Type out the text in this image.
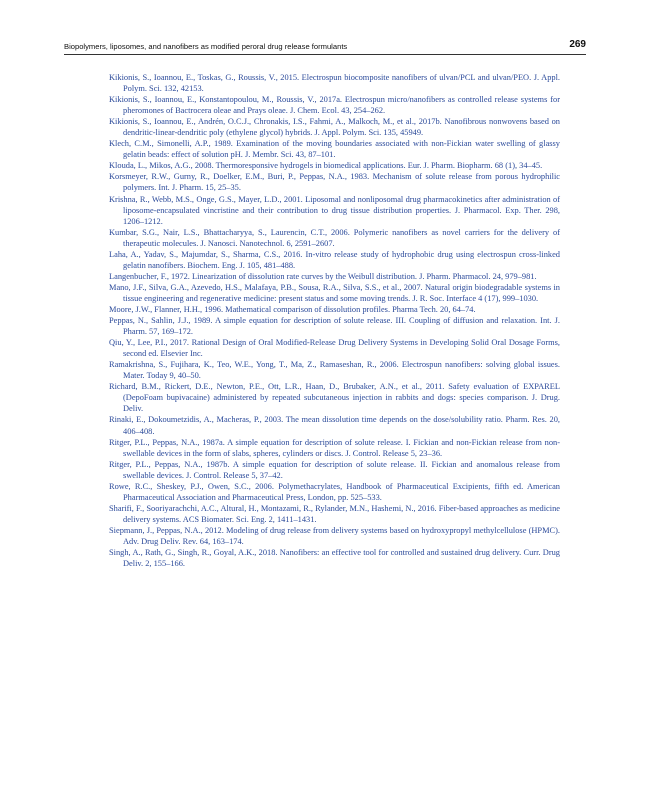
Biopolymers, liposomes, and nanofibers as modified peroral drug release formulants	269

Kikionis, S., Ioannou, E., Toskas, G., Roussis, V., 2015. Electrospun biocomposite nanofibers of ulvan/PCL and ulvan/PEO. J. Appl. Polym. Sci. 132, 42153.

Kikionis, S., Ioannou, E., Konstantopoulou, M., Roussis, V., 2017a. Electrospun micro/nanofibers as controlled release systems for pheromones of Bactrocera oleae and Prays oleae. J. Chem. Ecol. 43, 254–262.

Kikionis, S., Ioannou, E., Andrén, O.C.J., Chronakis, I.S., Fahmi, A., Malkoch, M., et al., 2017b. Nanofibrous nonwovens based on dendritic-linear-dendritic poly (ethylene glycol) hybrids. J. Appl. Polym. Sci. 135, 45949.

Klech, C.M., Simonelli, A.P., 1989. Examination of the moving boundaries associated with non-Fickian water swelling of glassy gelatin beads: effect of solution pH. J. Membr. Sci. 43, 87–101.

Klouda, L., Mikos, A.G., 2008. Thermoresponsive hydrogels in biomedical applications. Eur. J. Pharm. Biopharm. 68 (1), 34–45.

Korsmeyer, R.W., Gurny, R., Doelker, E.M., Buri, P., Peppas, N.A., 1983. Mechanism of solute release from porous hydrophilic polymers. Int. J. Pharm. 15, 25–35.

Krishna, R., Webb, M.S., Onge, G.S., Mayer, L.D., 2001. Liposomal and nonliposomal drug pharmacokinetics after administration of liposome-encapsulated vincristine and their contribution to drug tissue distribution properties. J. Pharmacol. Exp. Ther. 298, 1206–1212.

Kumbar, S.G., Nair, L.S., Bhattacharyya, S., Laurencin, C.T., 2006. Polymeric nanofibers as novel carriers for the delivery of therapeutic molecules. J. Nanosci. Nanotechnol. 6, 2591–2607.

Laha, A., Yadav, S., Majumdar, S., Sharma, C.S., 2016. In-vitro release study of hydrophobic drug using electrospun cross-linked gelatin nanofibers. Biochem. Eng. J. 105, 481–488.

Langenbucher, F., 1972. Linearization of dissolution rate curves by the Weibull distribution. J. Pharm. Pharmacol. 24, 979–981.

Mano, J.F., Silva, G.A., Azevedo, H.S., Malafaya, P.B., Sousa, R.A., Silva, S.S., et al., 2007. Natural origin biodegradable systems in tissue engineering and regenerative medicine: present status and some moving trends. J. R. Soc. Interface 4 (17), 999–1030.

Moore, J.W., Flanner, H.H., 1996. Mathematical comparison of dissolution profiles. Pharma Tech. 20, 64–74.

Peppas, N., Sahlin, J.J., 1989. A simple equation for description of solute release. III. Coupling of diffusion and relaxation. Int. J. Pharm. 57, 169–172.

Qiu, Y., Lee, P.I., 2017. Rational Design of Oral Modified-Release Drug Delivery Systems in Developing Solid Oral Dosage Forms, second ed. Elsevier Inc.

Ramakrishna, S., Fujihara, K., Teo, W.E., Yong, T., Ma, Z., Ramaseshan, R., 2006. Electrospun nanofibers: solving global issues. Mater. Today 9, 40–50.

Richard, B.M., Rickert, D.E., Newton, P.E., Ott, L.R., Haan, D., Brubaker, A.N., et al., 2011. Safety evaluation of EXPAREL (DepoFoam bupivacaine) administered by repeated subcutaneous injection in rabbits and dogs: species comparison. J. Drug. Deliv.

Rinaki, E., Dokoumetzidis, A., Macheras, P., 2003. The mean dissolution time depends on the dose/solubility ratio. Pharm. Res. 20, 406–408.

Ritger, P.L., Peppas, N.A., 1987a. A simple equation for description of solute release. I. Fickian and non-Fickian release from non-swellable devices in the form of slabs, spheres, cylinders or discs. J. Control. Release 5, 23–36.

Ritger, P.L., Peppas, N.A., 1987b. A simple equation for description of solute release. II. Fickian and anomalous release from swellable devices. J. Control. Release 5, 37–42.

Rowe, R.C., Sheskey, P.J., Owen, S.C., 2006. Polymethacrylates, Handbook of Pharmaceutical Excipients, fifth ed. American Pharmaceutical Association and Pharmaceutical Press, London, pp. 525–533.

Sharifi, F., Sooriyarachchi, A.C., Altural, H., Montazami, R., Rylander, M.N., Hashemi, N., 2016. Fiber-based approaches as medicine delivery systems. ACS Biomater. Sci. Eng. 2, 1411–1431.

Siepmann, J., Peppas, N.A., 2012. Modeling of drug release from delivery systems based on hydroxypropyl methylcellulose (HPMC). Adv. Drug Deliv. Rev. 64, 163–174.

Singh, A., Rath, G., Singh, R., Goyal, A.K., 2018. Nanofibers: an effective tool for controlled and sustained drug delivery. Curr. Drug Deliv. 2, 155–166.
